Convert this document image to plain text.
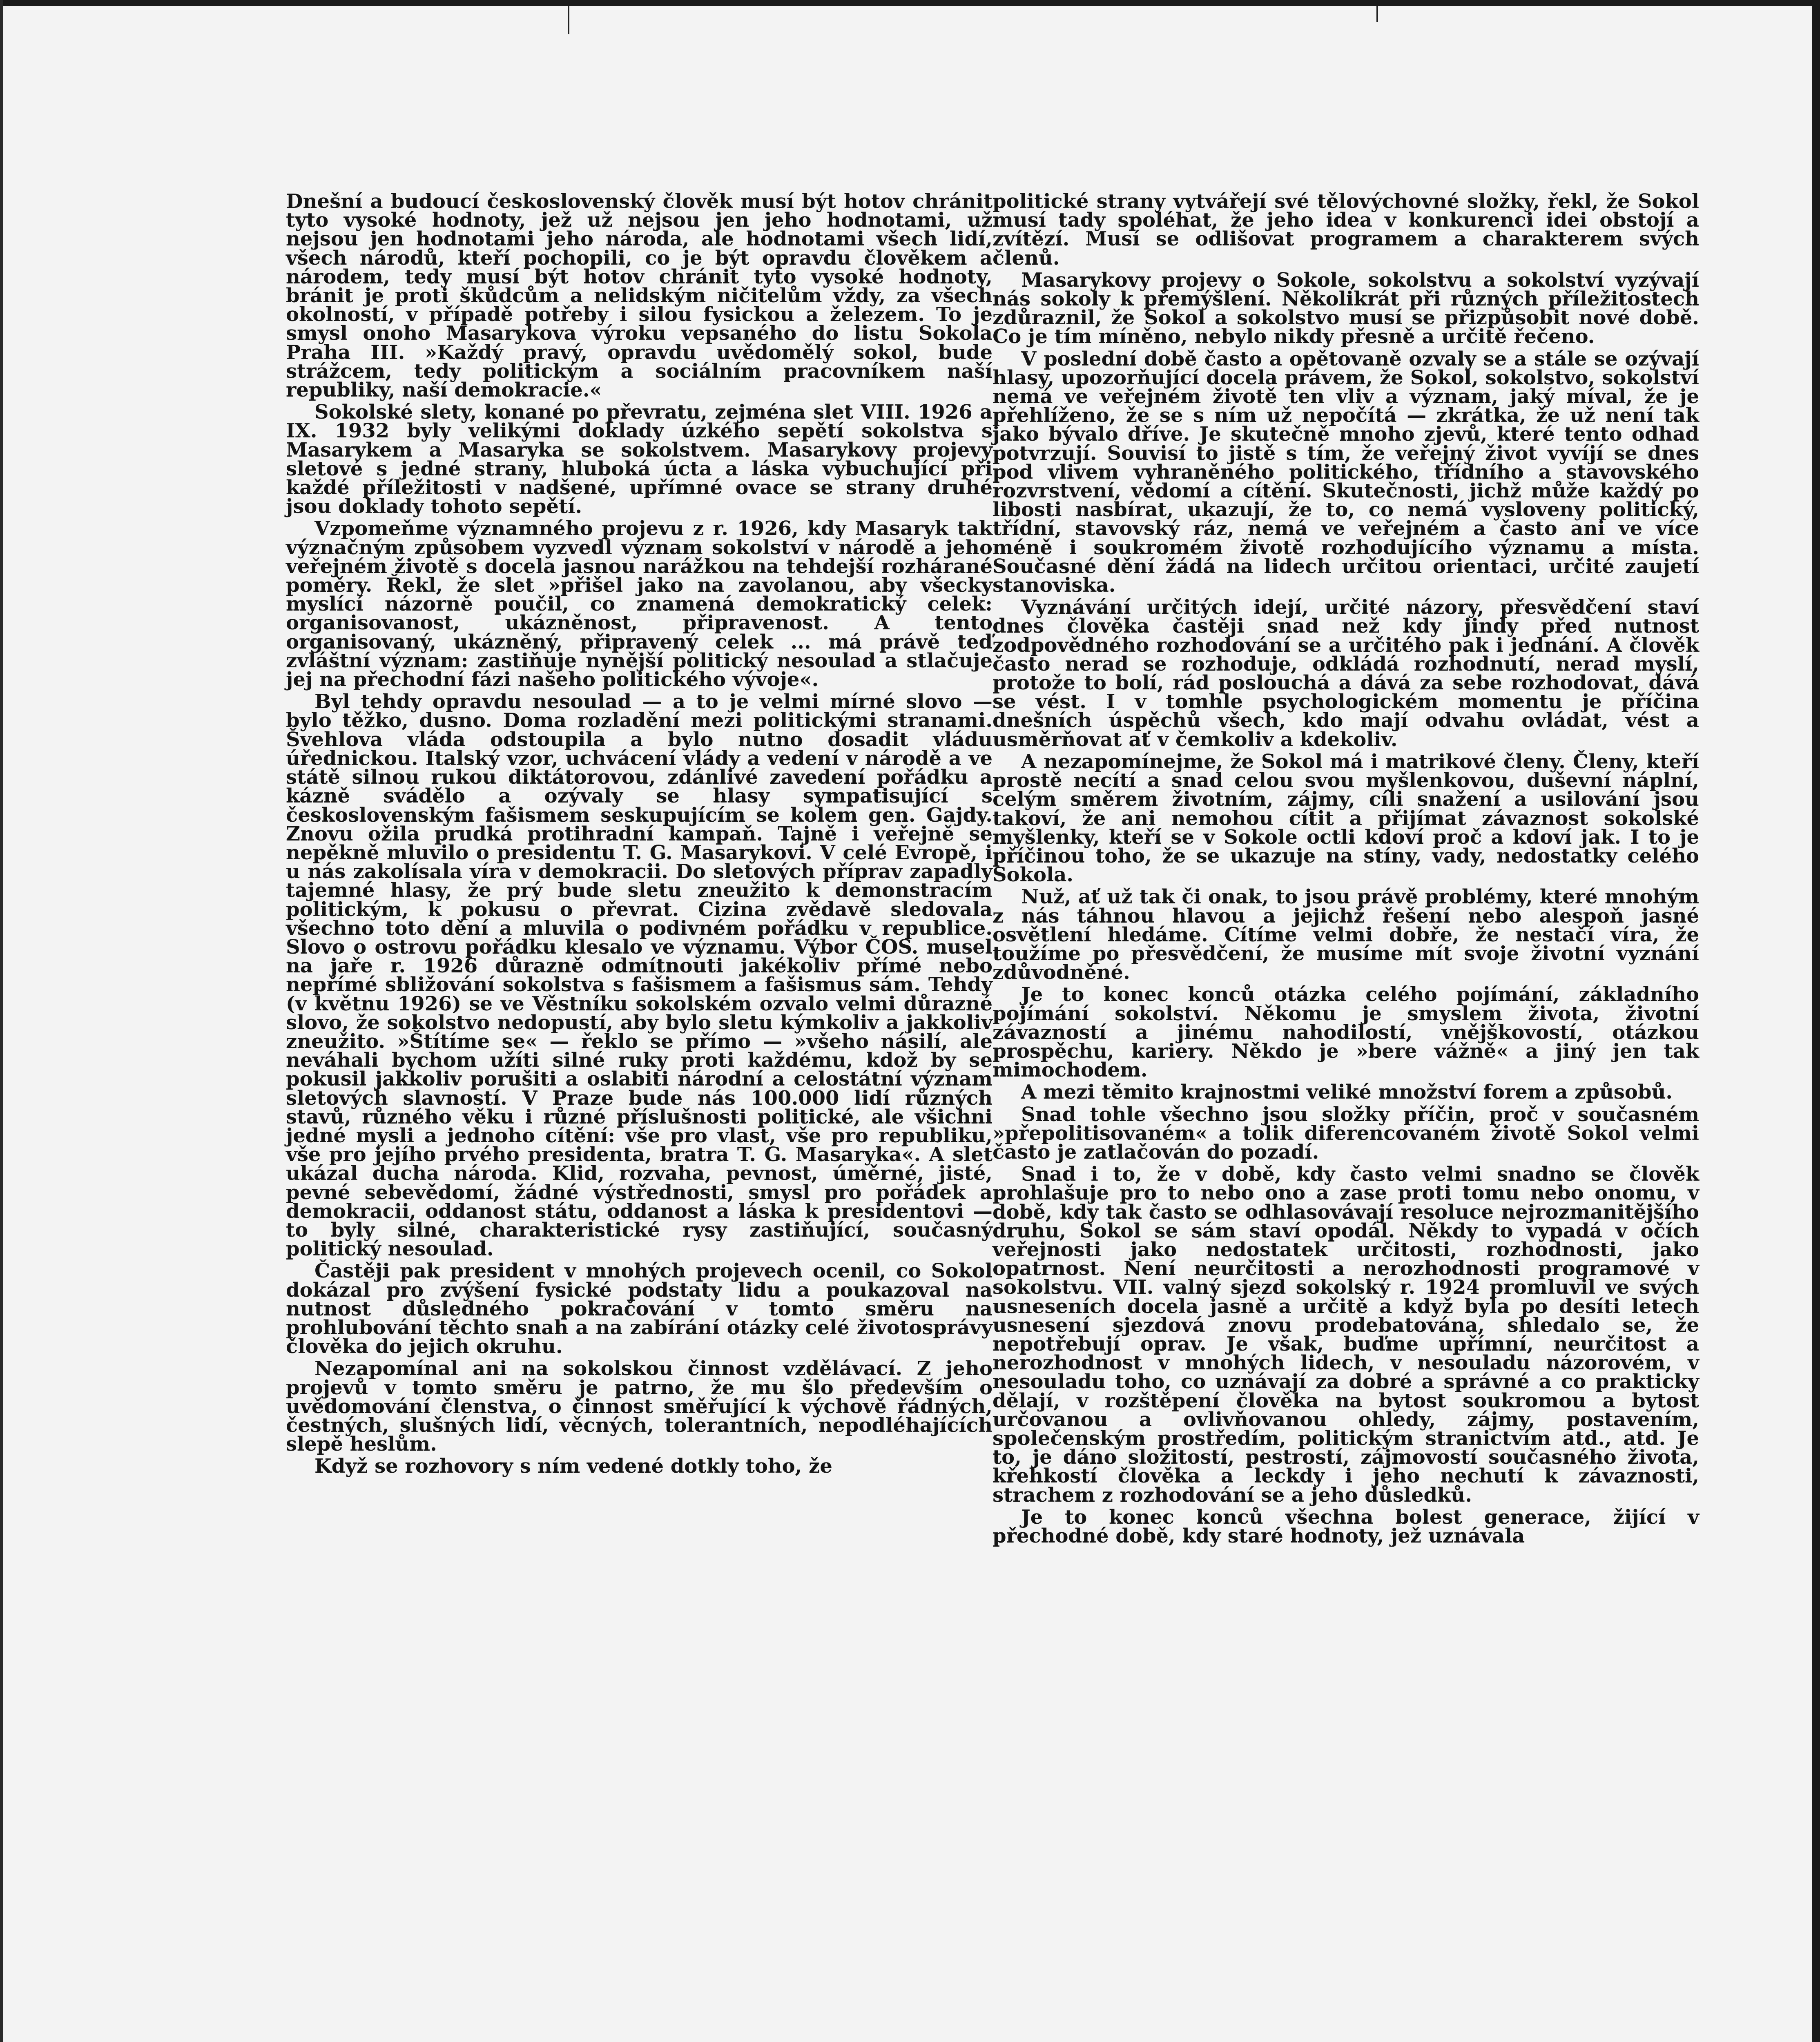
Dnešní a budoucí československý člověk musí být hotov chránit tyto vysoké hodnoty, jež už nejsou jen jeho hodnotami, už nejsou jen hodnotami jeho národa, ale hodnotami všech lidí, všech národů, kteří pochopili, co je být opravdu člověkem a národem, tedy musí být hotov chránit tyto vysoké hodnoty, bránit je proti škůdcům a nelidským ničitelům vždy, za všech okolností, v případě potřeby i silou fysickou a železem. To je smysl onoho Masarykova výroku vepsaného do listu Sokola Praha III. »Každý pravý, opravdu uvědomělý sokol, bude strážcem, tedy politickým a sociálním pracovníkem naší republiky, naší demokracie.«

Sokolské slety, konané po převratu, zejména slet VIII. 1926 a IX. 1932 byly velikými doklady úzkého sepětí sokolstva s Masarykem a Masaryka se sokolstvem. Masarykovy projevy sletové s jedné strany, hluboká úcta a láska vybuchující při každé příležitosti v nadšené, upřímné ovace se strany druhé jsou doklady tohoto sepětí.

Vzpomeňme významného projevu z r. 1926, kdy Masaryk tak význačným způsobem vyzvedl význam sokolství v národě a jeho veřejném životě s docela jasnou narážkou na tehdejší rozhárané poměry. Řekl, že slet »přišel jako na zavolanou, aby všecky myslící názorně poučil, co znamená demokratický celek: organisovanost, ukázněnost, připravenost. A tento organisovaný, ukázněný, připravený celek ... má právě teď zvláštní význam: zastiňuje nynější politický nesoulad a stlačuje jej na přechodní fázi našeho politického vývoje«.

Byl tehdy opravdu nesoulad — a to je velmi mírné slovo — bylo těžko, dusno. Doma rozladění mezi politickými stranami. Švehlova vláda odstoupila a bylo nutno dosadit vládu úřednickou. Italský vzor, uchvácení vlády a vedení v národě a ve státě silnou rukou diktátorovou, zdánlivé zavedení pořádku a kázně svádělo a ozývaly se hlasy sympatisující s československým fašismem seskupujícím se kolem gen. Gajdy. Znovu ožila prudká protihradní kampaň. Tajně i veřejně se nepěkně mluvilo o presidentu T. G. Masarykovi. V celé Evropě, i u nás zakolísala víra v demokracii. Do sletových příprav zapadly tajemné hlasy, že prý bude sletu zneužito k demonstracím politickým, k pokusu o převrat. Cizina zvědavě sledovala všechno toto dění a mluvila o podivném pořádku v republice. Slovo o ostrovu pořádku klesalo ve významu. Výbor ČOS. musel na jaře r. 1926 důrazně odmítnouti jakékoliv přímé nebo nepřímé sbližování sokolstva s fašismem a fašismus sám. Tehdy (v květnu 1926) se ve Věstníku sokolském ozvalo velmi důrazné slovo, že sokolstvo nedopustí, aby bylo sletu kýmkoliv a jakkoliv zneužito. »Štítíme se« — řeklo se přímo — »všeho násilí, ale neváhali bychom užíti silné ruky proti každému, kdož by se pokusil jakkoliv porušiti a oslabiti národní a celostátní význam sletových slavností. V Praze bude nás 100.000 lidí různých stavů, různého věku i různé příslušnosti politické, ale všichni jedné mysli a jednoho cítění: vše pro vlast, vše pro republiku, vše pro jejího prvého presidenta, bratra T. G. Masaryka«. A slet ukázal ducha národa. Klid, rozvaha, pevnost, úměrné, jisté, pevné sebevědomí, žádné výstřednosti, smysl pro pořádek a demokracii, oddanost státu, oddanost a láska k presidentovi — to byly silné, charakteristické rysy zastiňující, současný politický nesoulad.

Častěji pak president v mnohých projevech ocenil, co Sokol dokázal pro zvýšení fysické podstaty lidu a poukazoval na nutnost důsledného pokračování v tomto směru na prohlubování těchto snah a na zabírání otázky celé životosprávy člověka do jejich okruhu.

Nezapomínal ani na sokolskou činnost vzdělávací. Z jeho projevů v tomto směru je patrno, že mu šlo především o uvědomování členstva, o činnost směřující k výchově řádných, čestných, slušných lidí, věcných, tolerantních, nepodléhajících slepě heslům.

Když se rozhovory s ním vedené dotkly toho, že

politické strany vytvářejí své tělovýchovné složky, řekl, že Sokol musí tady spoléhat, že jeho idea v konkurenci idei obstojí a zvítězí. Musí se odlišovat programem a charakterem svých členů.

Masarykovy projevy o Sokole, sokolstvu a sokolství vyzývají nás sokoly k přemýšlení. Několikrát při různých příležitostech zdůraznil, že Sokol a sokolstvo musí se přizpůsobit nové době. Co je tím míněno, nebylo nikdy přesně a určitě řečeno.

V poslední době často a opětovaně ozvaly se a stále se ozývají hlasy, upozorňující docela právem, že Sokol, sokolstvo, sokolství nemá ve veřejném životě ten vliv a význam, jaký míval, že je přehlíženo, že se s ním už nepočítá — zkrátka, že už není tak jako bývalo dříve. Je skutečně mnoho zjevů, které tento odhad potvrzují. Souvisí to jistě s tím, že veřejný život vyvíjí se dnes pod vlivem vyhraněného politického, třídního a stavovského rozvrstvení, vědomí a cítění. Skutečnosti, jichž může každý po libosti nasbírat, ukazují, že to, co nemá vysloveny politický, třídní, stavovský ráz, nemá ve veřejném a často ani ve více méně i soukromém životě rozhodujícího významu a místa. Současné dění žádá na lidech určitou orientaci, určité zaujetí stanoviska.

Vyznávání určitých idejí, určité názory, přesvědčení staví dnes člověka častěji snad než kdy jindy před nutnost zodpovědného rozhodování se a určitého pak i jednání. A člověk často nerad se rozhoduje, odkládá rozhodnutí, nerad myslí, protože to bolí, rád poslouchá a dává za sebe rozhodovat, dává se vést. I v tomhle psychologickém momentu je příčina dnešních úspěchů všech, kdo mají odvahu ovládat, vést a usměrňovat ať v čemkoliv a kdekoliv.

A nezapomínejme, že Sokol má i matrikové členy. Členy, kteří prostě necítí a snad celou svou myšlenkovou, duševní náplní, celým směrem životním, zájmy, cíli snažení a usilování jsou takoví, že ani nemohou cítit a přijímat závaznost sokolské myšlenky, kteří se v Sokole octli kdoví proč a kdoví jak. I to je příčinou toho, že se ukazuje na stíny, vady, nedostatky celého Sokola.

Nuž, ať už tak či onak, to jsou právě problémy, které mnohým z nás táhnou hlavou a jejichž řešení nebo alespoň jasné osvětlení hledáme. Cítíme velmi dobře, že nestačí víra, že toužíme po přesvědčení, že musíme mít svoje životní vyznání zdůvodněné.

Je to konec konců otázka celého pojímání, základního pojímání sokolství. Někomu je smyslem života, životní závazností a jinému nahodilostí, vnějškovostí, otázkou prospěchu, kariery. Někdo je »bere vážně« a jiný jen tak mimochodem.

A mezi těmito krajnostmi veliké množství forem a způsobů.

Snad tohle všechno jsou složky příčin, proč v současném »přepolitisovaném« a tolik diferencovaném životě Sokol velmi často je zatlačován do pozadí.

Snad i to, že v době, kdy často velmi snadno se člověk prohlašuje pro to nebo ono a zase proti tomu nebo onomu, v době, kdy tak často se odhlasovávají resoluce nejrozmanitějšího druhu, Sokol se sám staví opodál. Někdy to vypadá v očích veřejnosti jako nedostatek určitosti, rozhodnosti, jako opatrnost. Není neurčitosti a nerozhodnosti programové v sokolstvu. VII. valný sjezd sokolský r. 1924 promluvil ve svých usneseních docela jasně a určitě a když byla po desíti letech usnesení sjezdová znovu prodebatována, shledalo se, že nepotřebují oprav. Je však, buďme upřímní, neurčitost a nerozhodnost v mnohých lidech, v nesouladu názorovém, v nesouladu toho, co uznávají za dobré a správné a co prakticky dělají, v rozštěpení člověka na bytost soukromou a bytost určovanou a ovlivňovanou ohledy, zájmy, postavením, společenským prostředím, politickým stranictvím atd., atd. Je to, je dáno složitostí, pestrostí, zájmovostí současného života, křehkostí člověka a leckdy i jeho nechutí k závaznosti, strachem z rozhodování se a jeho důsledků.

Je to konec konců všechna bolest generace, žijící v přechodné době, kdy staré hodnoty, jež uznávala
